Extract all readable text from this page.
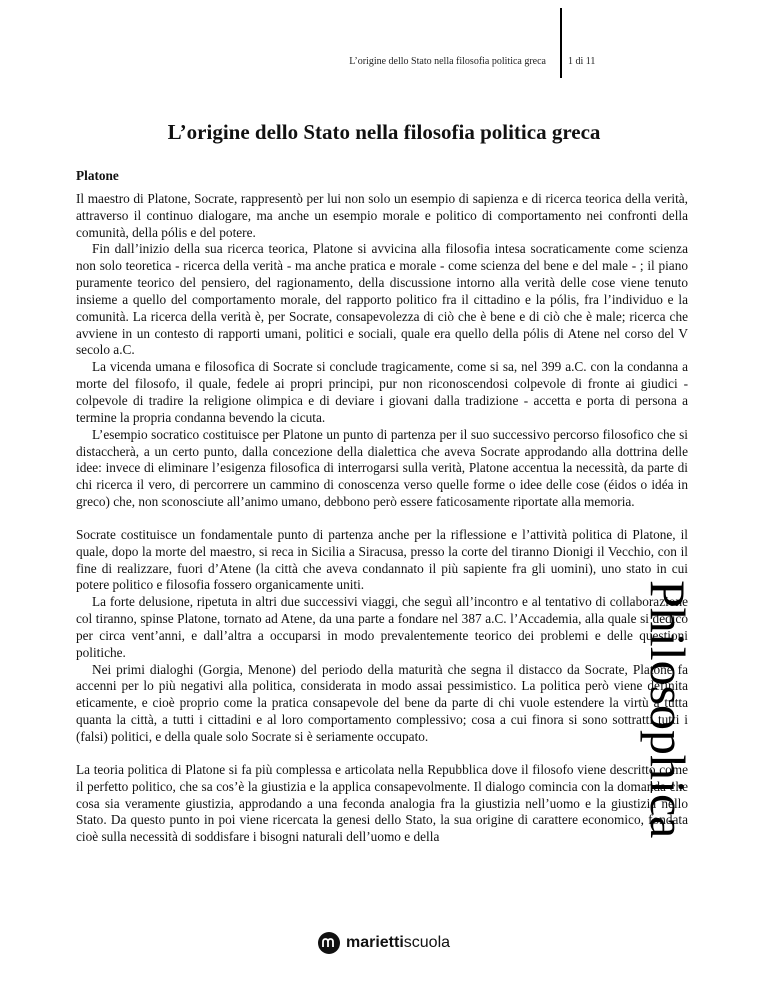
L’origine dello Stato nella filosofia politica greca 1 di 11
L’origine dello Stato nella filosofia politica greca
Platone

Il maestro di Platone, Socrate, rappresentò per lui non solo un esempio di sapienza e di ricerca teorica della verità, attraverso il continuo dialogare, ma anche un esempio morale e politico di comportamento nei confronti della comunità, della pólis e del potere.

Fin dall’inizio della sua ricerca teorica, Platone si avvicina alla filosofia intesa socraticamente come scienza non solo teoretica - ricerca della verità - ma anche pratica e morale - come scienza del bene e del male - ; il piano puramente teorico del pensiero, del ragionamento, della discussione intorno alla verità delle cose viene tenuto insieme a quello del comportamento morale, del rapporto politico fra il cittadino e la pólis, fra l’individuo e la comunità. La ricerca della verità è, per Socrate, consapevolezza di ciò che è bene e di ciò che è male; ricerca che avviene in un contesto di rapporti umani, politici e sociali, quale era quello della pólis di Atene nel corso del V secolo a.C.

La vicenda umana e filosofica di Socrate si conclude tragicamente, come si sa, nel 399 a.C. con la condanna a morte del filosofo, il quale, fedele ai propri principi, pur non riconoscendosi colpevole di fronte ai giudici - colpevole di tradire la religione olimpica e di deviare i giovani dalla tradizione - accetta e porta di persona a termine la propria condanna bevendo la cicuta.

L’esempio socratico costituisce per Platone un punto di partenza per il suo successivo percorso filosofico che si distaccherà, a un certo punto, dalla concezione della dialettica che aveva Socrate approdando alla dottrina delle idee: invece di eliminare l’esigenza filosofica di interrogarsi sulla verità, Platone accentua la necessità, da parte di chi ricerca il vero, di percorrere un cammino di conoscenza verso quelle forme o idee delle cose (éidos o idéa in greco) che, non sconosciute all’animo umano, debbono però essere faticosamente riportate alla memoria.

Socrate costituisce un fondamentale punto di partenza anche per la riflessione e l’attività politica di Platone, il quale, dopo la morte del maestro, si reca in Sicilia a Siracusa, presso la corte del tiranno Dionigi il Vecchio, con il fine di realizzare, fuori d’Atene (la città che aveva condannato il più sapiente fra gli uomini), uno stato in cui potere politico e filosofia fossero organicamente uniti.

La forte delusione, ripetuta in altri due successivi viaggi, che seguì all’incontro e al tentativo di collaborazione col tiranno, spinse Platone, tornato ad Atene, da una parte a fondare nel 387 a.C. l’Accademia, alla quale si dedicò per circa vent’anni, e dall’altra a occuparsi in modo prevalentemente teorico dei problemi e delle questioni politiche.

Nei primi dialoghi (Gorgia, Menone) del periodo della maturità che segna il distacco da Socrate, Platone fa accenni per lo più negativi alla politica, considerata in modo assai pessimistico. La politica però viene definita eticamente, e cioè proprio come la pratica consapevole del bene da parte di chi vuole estendere la virtù a tutta quanta la città, a tutti i cittadini e al loro comportamento complessivo; cosa a cui finora si sono sottratti tutti i (falsi) politici, e della quale solo Socrate si è seriamente occupato.

La teoria politica di Platone si fa più complessa e articolata nella Repubblica dove il filosofo viene descritto come il perfetto politico, che sa cos’è la giustizia e la applica consapevolmente. Il dialogo comincia con la domanda che cosa sia veramente giustizia, approdando a una feconda analogia fra la giustizia nell’uomo e la giustizia nello Stato. Da questo punto in poi viene ricercata la genesi dello Stato, la sua origine di carattere economico, fondata cioè sulla necessità di soddisfare i bisogni naturali dell’uomo e della	Philosophica
mariettiscuola
